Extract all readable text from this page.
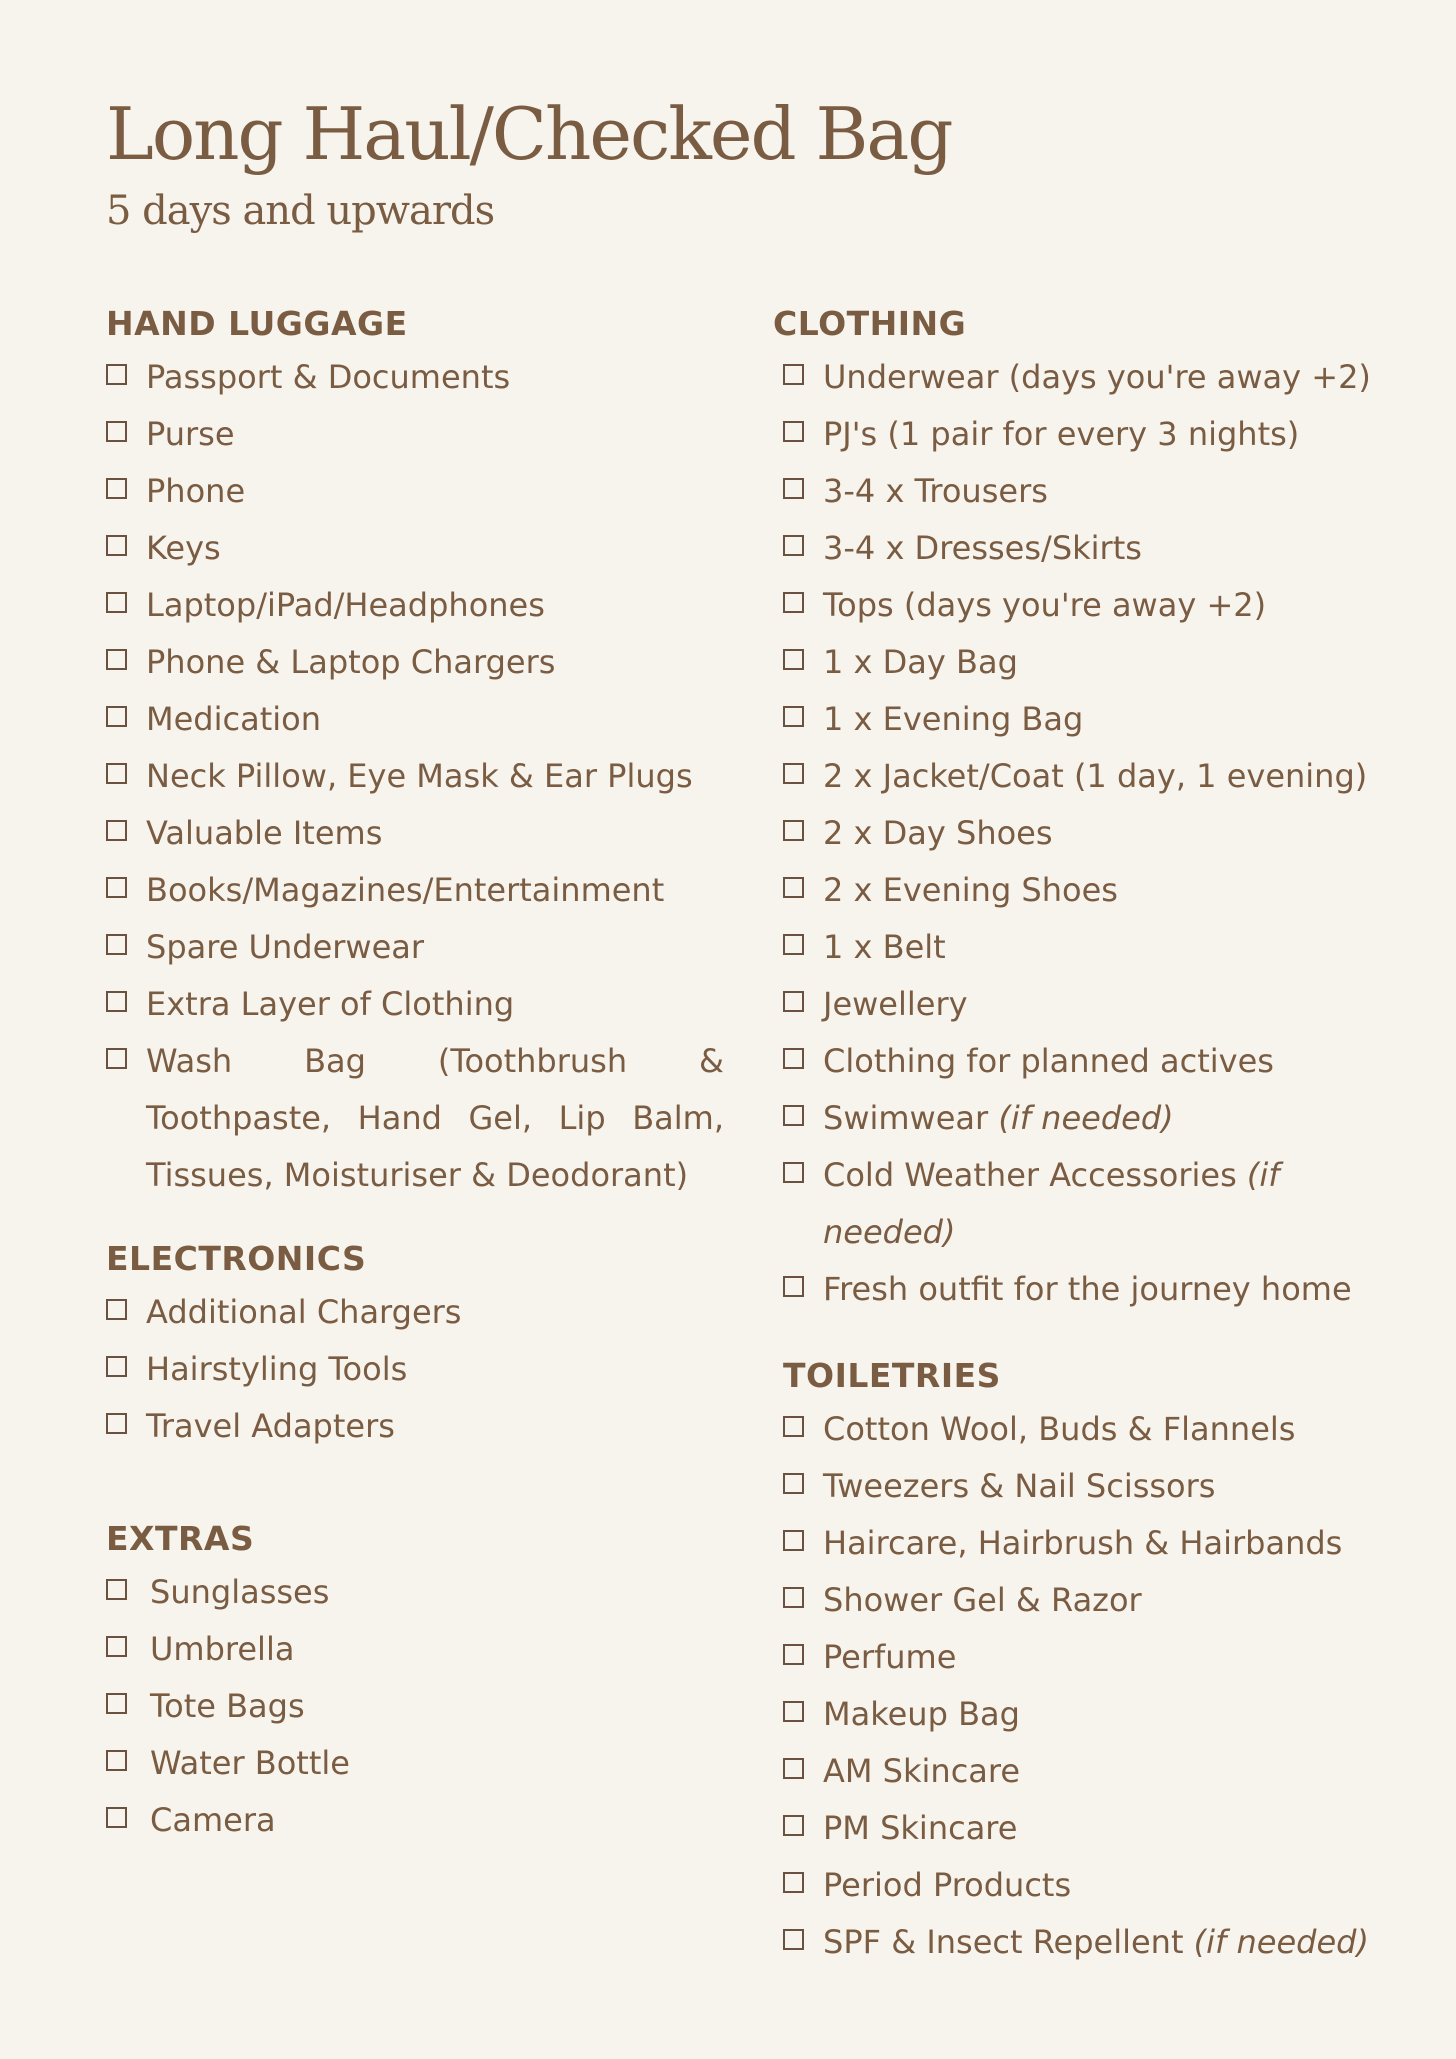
Long Haul/Checked Bag
5 days and upwards
HAND LUGGAGE
Passport & Documents
Purse
Phone
Keys
Laptop/iPad/Headphones
Phone & Laptop Chargers
Medication
Neck Pillow, Eye Mask & Ear Plugs
Valuable Items
Books/Magazines/Entertainment
Spare Underwear
Extra Layer of Clothing
Wash Bag (Toothbrush & Toothpaste, Hand Gel, Lip Balm, Tissues, Moisturiser & Deodorant)
ELECTRONICS
Additional Chargers
Hairstyling Tools
Travel Adapters
EXTRAS
Sunglasses
Umbrella
Tote Bags
Water Bottle
Camera
CLOTHING
Underwear (days you're away +2)
PJ's (1 pair for every 3 nights)
3-4 x Trousers
3-4 x Dresses/Skirts
Tops (days you're away +2)
1 x Day Bag
1 x Evening Bag
2 x Jacket/Coat (1 day, 1 evening)
2 x Day Shoes
2 x Evening Shoes
1 x Belt
Jewellery
Clothing for planned actives
Swimwear (if needed)
Cold Weather Accessories (if needed)
Fresh outfit for the journey home
TOILETRIES
Cotton Wool, Buds & Flannels
Tweezers & Nail Scissors
Haircare, Hairbrush & Hairbands
Shower Gel & Razor
Perfume
Makeup Bag
AM Skincare
PM Skincare
Period Products
SPF & Insect Repellent (if needed)
